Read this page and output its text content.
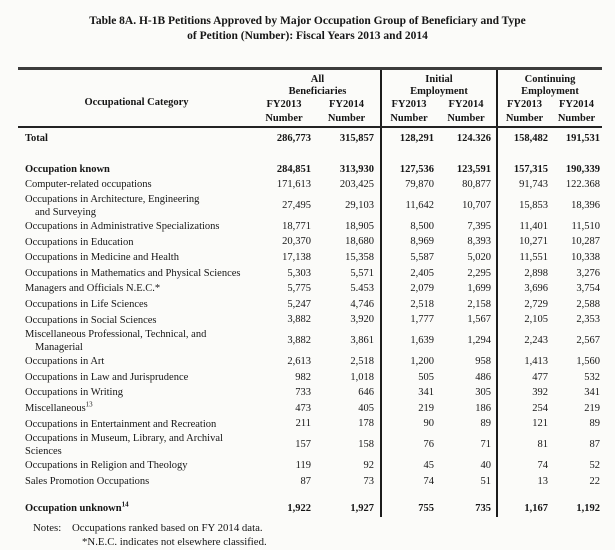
Table 8A. H-1B Petitions Approved by Major Occupation Group of Beneficiary and Type
of Petition (Number): Fiscal Years 2013 and 2014
Occupational Category	All
Beneficiaries		Initial
Employment		Continuing
Employment	
	FY2013	FY2014	FY2013	FY2014	FY2013	FY2014
	Number	Number	Number	Number	Number	Number
Total	286,773	315,857	128,291	124.326	158,482	191,531

Occupation known	284,851	313,930	127,536	123,591	157,315	190,339
Computer-related occupations	171,613	203,425	79,870	80,877	91,743	122.368
Occupations in Architecture, Engineering
and Surveying	27,495	29,103	11,642	10,707	15,853	18,396
Occupations in Administrative Specializations	18,771	18,905	8,500	7,395	11,401	11,510
Occupations in Education	20,370	18,680	8,969	8,393	10,271	10,287
Occupations in Medicine and Health	17,138	15,358	5,587	5,020	11,551	10,338
Occupations in Mathematics and Physical Sciences	5,303	5,571	2,405	2,295	2,898	3,276
Managers and Officials N.E.C.*	5,775	5.453	2,079	1,699	3,696	3,754
Occupations in Life Sciences	5,247	4,746	2,518	2,158	2,729	2,588
Occupations in Social Sciences	3,882	3,920	1,777	1,567	2,105	2,353
Miscellaneous Professional, Technical, and
Managerial	3,882	3,861	1,639	1,294	2,243	2,567
Occupations in Art	2,613	2,518	1,200	958	1,413	1,560
Occupations in Law and Jurisprudence	982	1,018	505	486	477	532
Occupations in Writing	733	646	341	305	392	341
Miscellaneous$^{13}$	473	405	219	186	254	219
Occupations in Entertainment and Recreation	211	178	90	89	121	89
Occupations in Museum, Library, and Archival
Sciences	157	158	76	71	81	87
Occupations in Religion and Theology	119	92	45	40	74	52
Sales Promotion Occupations	87	73	74	51	13	22

Occupation unknown$^{14}$	1,922	1,927	755	735	1,167	1,192
Notes: Occupations ranked based on FY 2014 data.
*N.E.C. indicates not elsewhere classified.
